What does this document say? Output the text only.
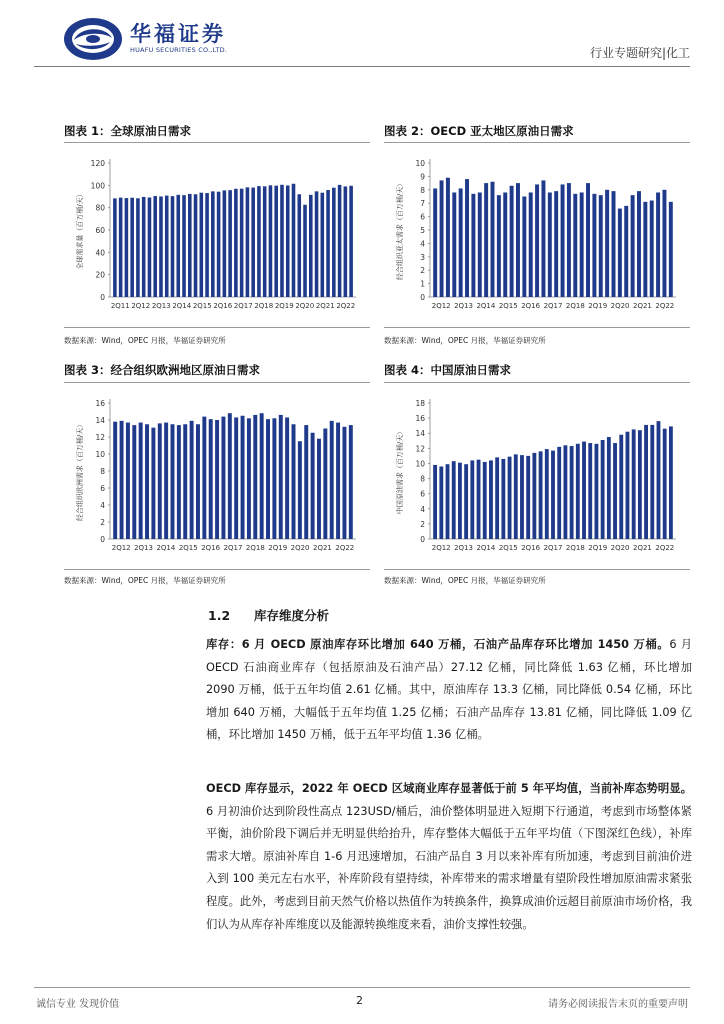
华福证券
HUAFU SECURITIES CO.,LTD.	行业专题研究|化工
图表 1：全球原油日需求
0
20
40
60
80
100
120
全球需求量（百万桶/天）
2Q11 2Q12 2Q13 2Q14 2Q15 2Q16 2Q17 2Q18 2Q19 2Q20 2Q21 2Q22
数据来源：Wind，OPEC 月报，华福证券研究所
图表 2：OECD 亚太地区原油日需求
0
1
2
3
4
5
6
7
8
9
10
经合组织亚太需求（百万桶/天）
2Q12 2Q13 2Q14 2Q15 2Q16 2Q17 2Q18 2Q19 2Q20 2Q21 2Q22
数据来源：Wind，OPEC 月报，华福证券研究所
图表 3：经合组织欧洲地区原油日需求
0
2
4
6
8
10
12
14
16
经合组织欧洲需求（百万桶/天）
2Q12 2Q13 2Q14 2Q15 2Q16 2Q17 2Q18 2Q19 2Q20 2Q21 2Q22
数据来源：Wind，OPEC 月报，华福证券研究所
图表 4：中国原油日需求
0
2
4
6
8
10
12
14
16
18
中国原油需求（百万桶/天）
2Q12 2Q13 2Q14 2Q15 2Q16 2Q17 2Q18 2Q19 2Q20 2Q21 2Q22
数据来源：Wind，OPEC 月报，华福证券研究所
1.2 库存维度分析
库存：6 月 OECD 原油库存环比增加 640 万桶，石油产品库存环比增加 1450 万桶。6 月 OECD 石油商业库存（包括原油及石油产品）27.12 亿桶，同比降低 1.63 亿桶，环比增加 2090 万桶，低于五年均值 2.61 亿桶。其中，原油库存 13.3 亿桶，同比降低 0.54 亿桶，环比增加 640 万桶，大幅低于五年均值 1.25 亿桶；石油产品库存 13.81 亿桶，同比降低 1.09 亿桶，环比增加 1450 万桶，低于五年平均值 1.36 亿桶。
OECD 库存显示，2022 年 OECD 区域商业库存显著低于前 5 年平均值，当前补库态势明显。6 月初油价达到阶段性高点 123USD/桶后，油价整体明显进入短期下行通道，考虑到市场整体紧平衡，油价阶段下调后并无明显供给抬升，库存整体大幅低于五年平均值（下图深红色线），补库需求大增。原油补库自 1-6 月迅速增加，石油产品自 3 月以来补库有所加速，考虑到目前油价进入到 100 美元左右水平，补库阶段有望持续，补库带来的需求增量有望阶段性增加原油需求紧张程度。此外，考虑到目前天然气价格以热值作为转换条件，换算成油价远超目前原油市场价格，我们认为从库存补库维度以及能源转换维度来看，油价支撑性较强。
诚信专业 发现价值	2	请务必阅读报告末页的重要声明
